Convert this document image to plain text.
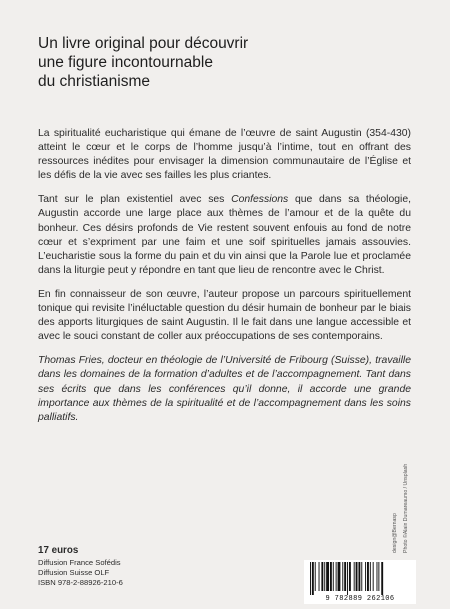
Un livre original pour découvrir
une figure incontournable
du christianisme

La spiritualité eucharistique qui émane de l’œuvre de saint Augustin (354-430) atteint le cœur et le corps de l’homme jusqu’à l’intime, tout en offrant des ressources inédites pour envisager la dimension communautaire de l’Église et les défis de la vie avec ses failles les plus criantes.

Tant sur le plan existentiel avec ses Confessions que dans sa théologie, Augustin accorde une large place aux thèmes de l’amour et de la quête du bonheur. Ces désirs profonds de Vie restent souvent enfouis au fond de notre cœur et s’expriment par une faim et une soif spirituelles jamais assouvies. L’eucharistie sous la forme du pain et du vin ainsi que la Parole lue et proclamée dans la liturgie peut y répondre en tant que lieu de rencontre avec le Christ.

En fin connaisseur de son œuvre, l’auteur propose un parcours spirituellement tonique qui revisite l’inéluctable question du désir humain de bonheur par le biais des apports liturgiques de saint Augustin. Il le fait dans une langue accessible et avec le souci constant de coller aux préoccupations de ses contemporains.

Thomas Fries, docteur en théologie de l’Université de Fribourg (Suisse), travaille dans les domaines de la formation d’adultes et de l’accompagnement. Tant dans ses écrits que dans les conférences qu’il donne, il accorde une grande importance aux thèmes de la spiritualité et de l’accompagnement dans les soins palliatifs.

17 euros
Diffusion France Sofédis
Diffusion Suisse OLF
ISBN 978-2-88926-210-6
design@Bernasp Photo ©Alain Dumareaumo / Unsplash
9 782889 262106
